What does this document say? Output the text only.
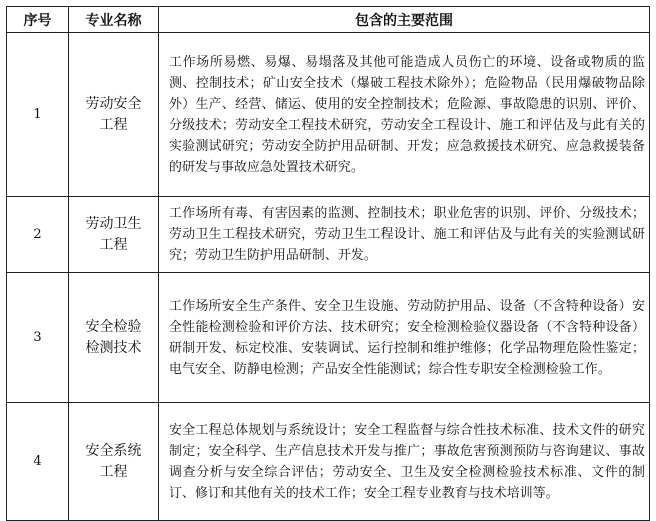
序号	专业名称	包含的主要范围
1	劳动安全工程	工作场所易燃、易爆、易塌落及其他可能造成人员伤亡的环境、设备或物质的监测、控制技术；矿山安全技术（爆破工程技术除外）；危险物品（民用爆破物品除外）生产、经营、储运、使用的安全控制技术；危险源、事故隐患的识别、评价、分级技术；劳动安全工程技术研究，劳动安全工程设计、施工和评估及与此有关的实验测试研究；劳动安全防护用品研制、开发；应急救援技术研究、应急救援装备的研发与事故应急处置技术研究。
2	劳动卫生工程	工作场所有毒、有害因素的监测、控制技术；职业危害的识别、评价、分级技术；劳动卫生工程技术研究，劳动卫生工程设计、施工和评估及与此有关的实验测试研究；劳动卫生防护用品研制、开发。
3	安全检验检测技术	工作场所安全生产条件、安全卫生设施、劳动防护用品、设备（不含特种设备）安全性能检测检验和评价方法、技术研究；安全检测检验仪器设备（不含特种设备）研制开发、标定校准、安装调试、运行控制和维护维修；化学品物理危险性鉴定；电气安全、防静电检测；产品安全性能测试；综合性专职安全检测检验工作。
4	安全系统工程	安全工程总体规划与系统设计；安全工程监督与综合性技术标准、技术文件的研究制定；安全科学、生产信息技术开发与推广；事故危害预测预防与咨询建议、事故调查分析与安全综合评估；劳动安全、卫生及安全检测检验技术标准、文件的制订、修订和其他有关的技术工作；安全工程专业教育与技术培训等。
